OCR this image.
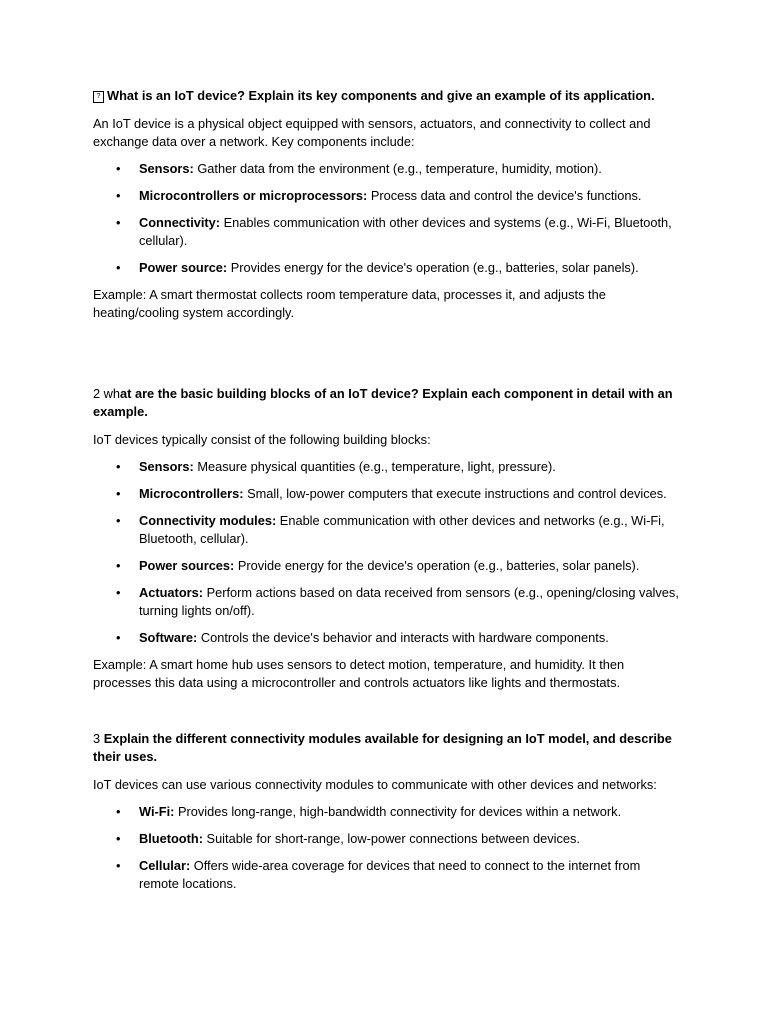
? What is an IoT device? Explain its key components and give an example of its application.

An IoT device is a physical object equipped with sensors, actuators, and connectivity to collect and exchange data over a network. Key components include:

• Sensors: Gather data from the environment (e.g., temperature, humidity, motion).
• Microcontrollers or microprocessors: Process data and control the device's functions.
• Connectivity: Enables communication with other devices and systems (e.g., Wi-Fi, Bluetooth, cellular).
• Power source: Provides energy for the device's operation (e.g., batteries, solar panels).

Example: A smart thermostat collects room temperature data, processes it, and adjusts the heating/cooling system accordingly.

2 what are the basic building blocks of an IoT device? Explain each component in detail with an example.

IoT devices typically consist of the following building blocks:

• Sensors: Measure physical quantities (e.g., temperature, light, pressure).
• Microcontrollers: Small, low-power computers that execute instructions and control devices.
• Connectivity modules: Enable communication with other devices and networks (e.g., Wi-Fi, Bluetooth, cellular).
• Power sources: Provide energy for the device's operation (e.g., batteries, solar panels).
• Actuators: Perform actions based on data received from sensors (e.g., opening/closing valves, turning lights on/off).
• Software: Controls the device's behavior and interacts with hardware components.

Example: A smart home hub uses sensors to detect motion, temperature, and humidity. It then processes this data using a microcontroller and controls actuators like lights and thermostats.

3 Explain the different connectivity modules available for designing an IoT model, and describe their uses.

IoT devices can use various connectivity modules to communicate with other devices and networks:

• Wi-Fi: Provides long-range, high-bandwidth connectivity for devices within a network.
• Bluetooth: Suitable for short-range, low-power connections between devices.
• Cellular: Offers wide-area coverage for devices that need to connect to the internet from remote locations.
